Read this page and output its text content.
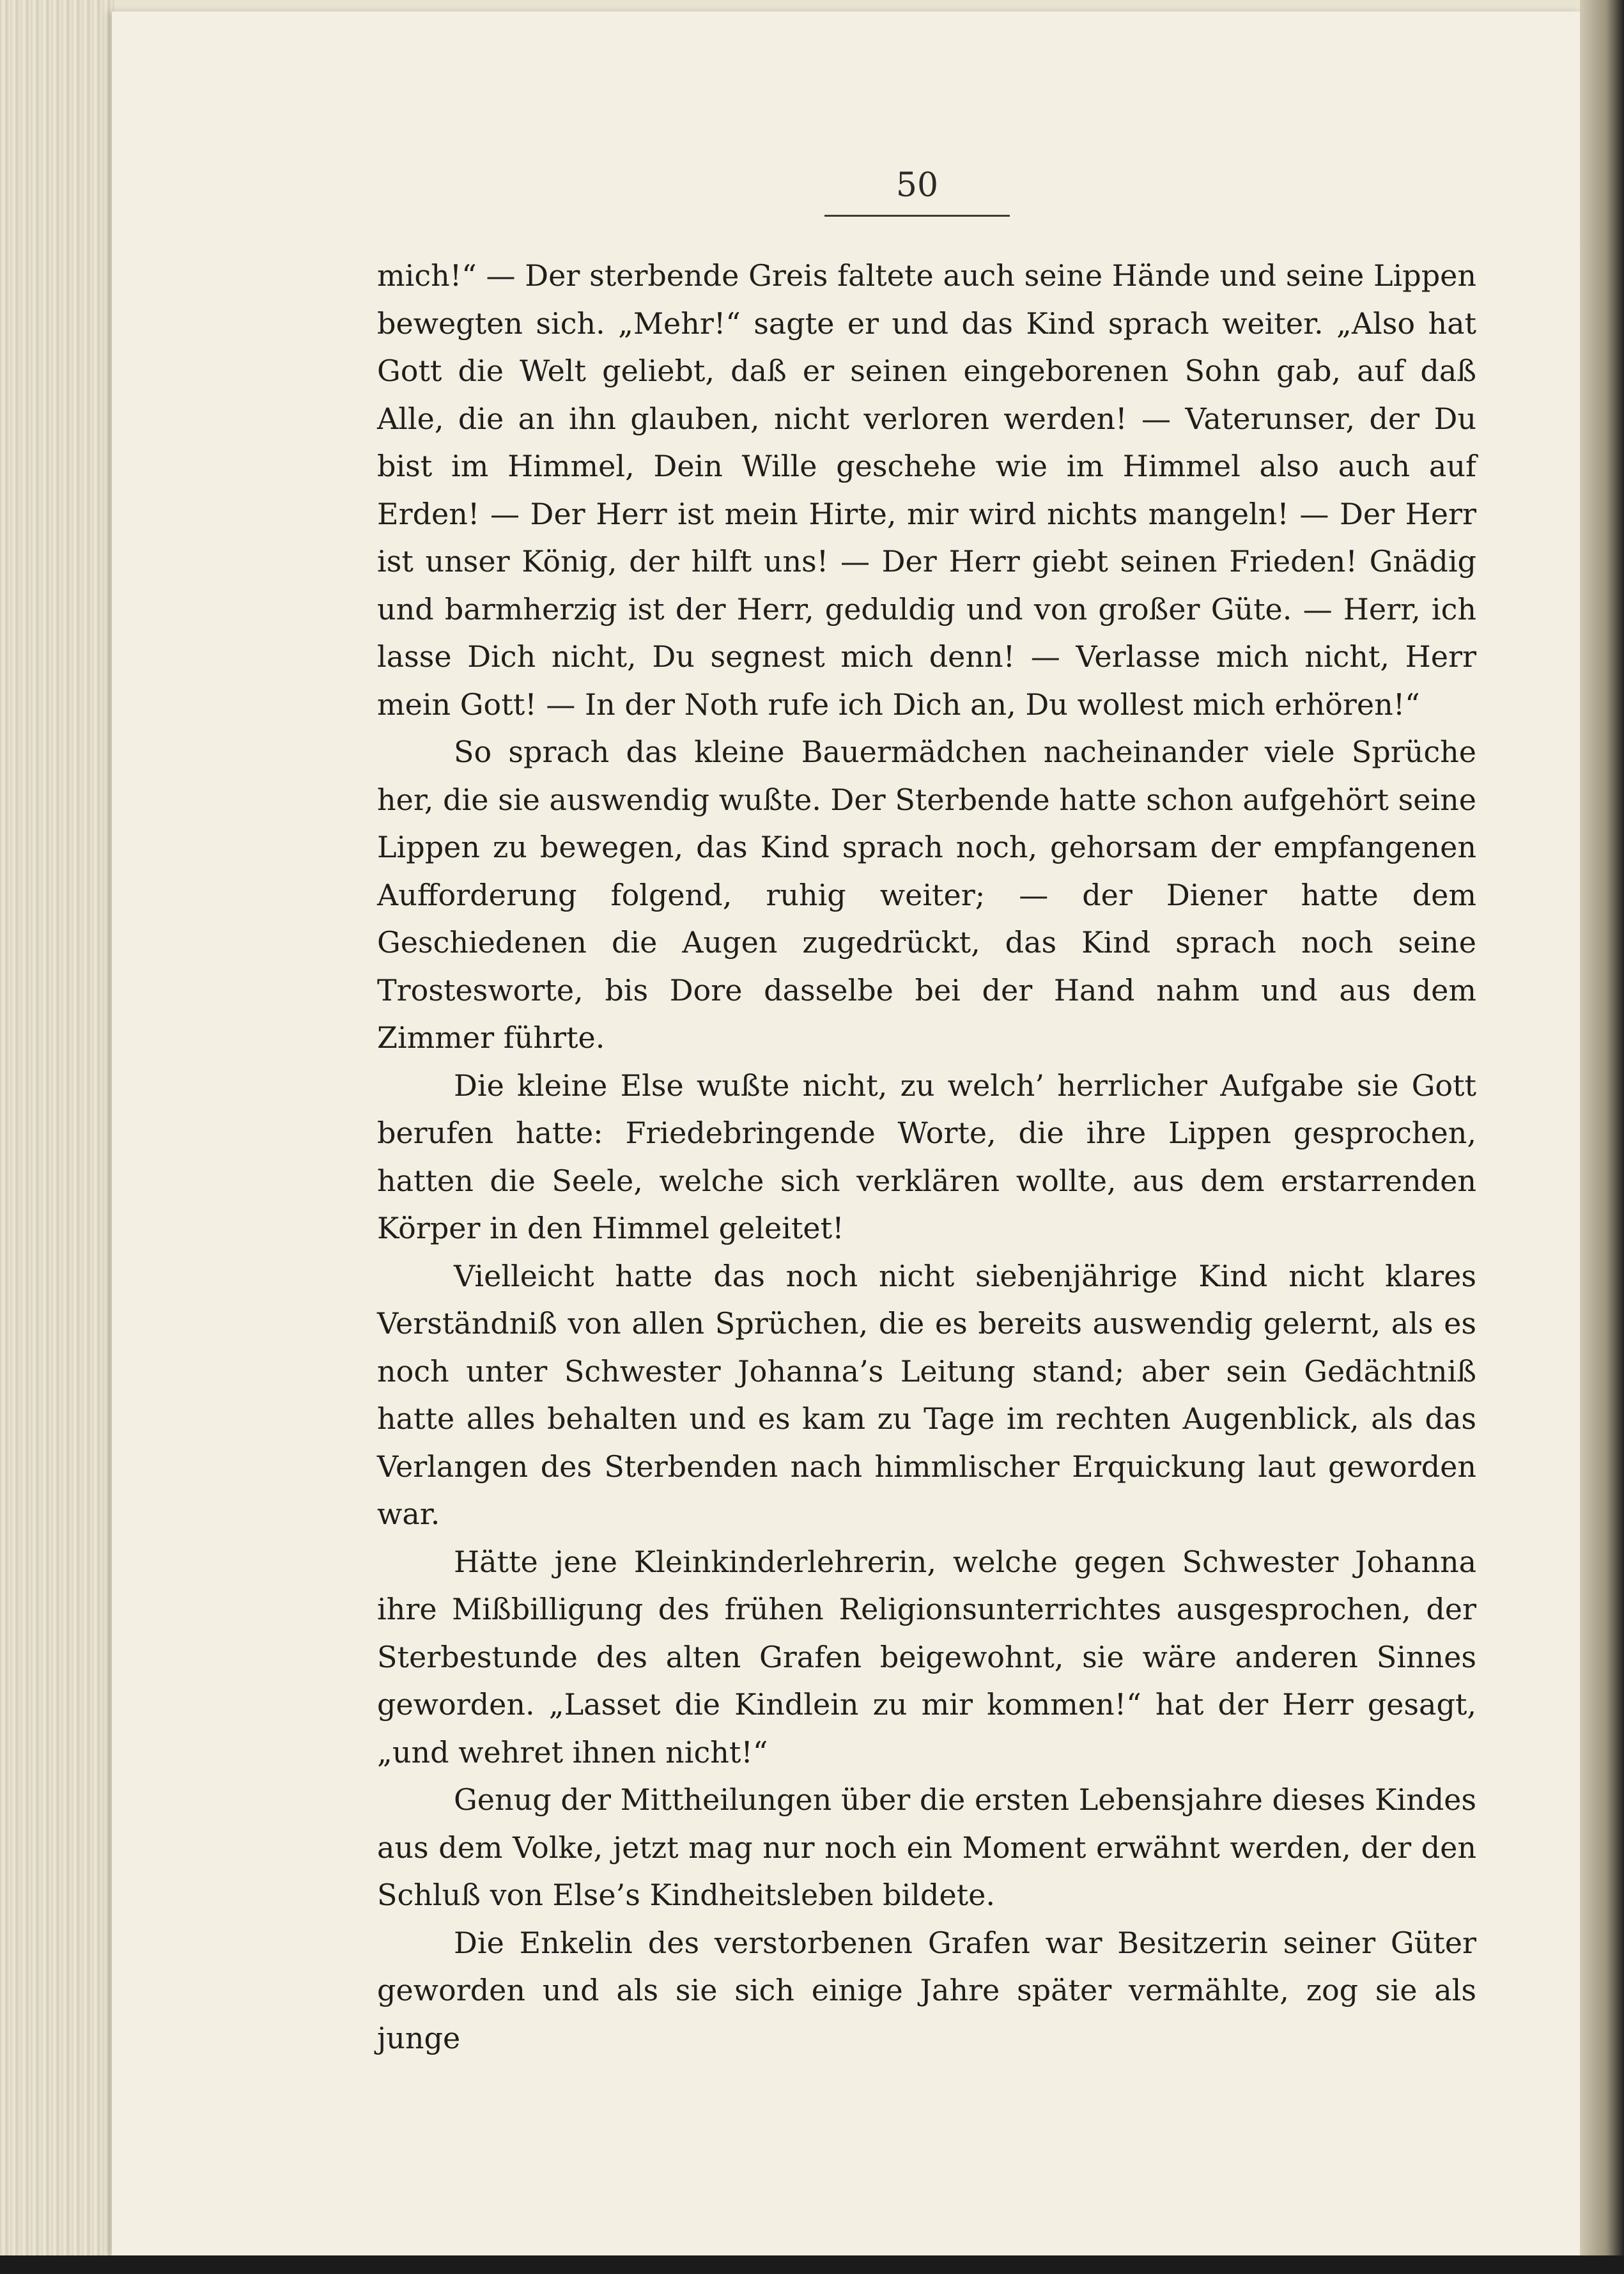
50

mich!“ — Der sterbende Greis faltete auch seine Hände und seine Lippen bewegten sich. „Mehr!“ sagte er und das Kind sprach weiter. „Also hat Gott die Welt geliebt, daß er seinen eingeborenen Sohn gab, auf daß Alle, die an ihn glauben, nicht verloren werden! — Vaterunser, der Du bist im Himmel, Dein Wille geschehe wie im Himmel also auch auf Erden! — Der Herr ist mein Hirte, mir wird nichts mangeln! — Der Herr ist unser König, der hilft uns! — Der Herr giebt seinen Frieden! Gnädig und barmherzig ist der Herr, geduldig und von großer Güte. — Herr, ich lasse Dich nicht, Du segnest mich denn! — Verlasse mich nicht, Herr mein Gott! — In der Noth rufe ich Dich an, Du wollest mich erhören!“

So sprach das kleine Bauermädchen nacheinander viele Sprüche her, die sie auswendig wußte. Der Sterbende hatte schon aufgehört seine Lippen zu bewegen, das Kind sprach noch, gehorsam der empfangenen Aufforderung folgend, ruhig weiter; — der Diener hatte dem Geschiedenen die Augen zugedrückt, das Kind sprach noch seine Trostesworte, bis Dore dasselbe bei der Hand nahm und aus dem Zimmer führte.

Die kleine Else wußte nicht, zu welch’ herrlicher Aufgabe sie Gott berufen hatte: Friedebringende Worte, die ihre Lippen gesprochen, hatten die Seele, welche sich verklären wollte, aus dem erstarrenden Körper in den Himmel geleitet!

Vielleicht hatte das noch nicht siebenjährige Kind nicht klares Verständniß von allen Sprüchen, die es bereits auswendig gelernt, als es noch unter Schwester Johanna’s Leitung stand; aber sein Gedächtniß hatte alles behalten und es kam zu Tage im rechten Augenblick, als das Verlangen des Sterbenden nach himmlischer Erquickung laut geworden war.

Hätte jene Kleinkinderlehrerin, welche gegen Schwester Johanna ihre Mißbilligung des frühen Religionsunterrichtes ausgesprochen, der Sterbestunde des alten Grafen beigewohnt, sie wäre anderen Sinnes geworden. „Lasset die Kindlein zu mir kommen!“ hat der Herr gesagt, „und wehret ihnen nicht!“

Genug der Mittheilungen über die ersten Lebensjahre dieses Kindes aus dem Volke, jetzt mag nur noch ein Moment erwähnt werden, der den Schluß von Else’s Kindheitsleben bildete.

Die Enkelin des verstorbenen Grafen war Besitzerin seiner Güter geworden und als sie sich einige Jahre später vermählte, zog sie als junge
